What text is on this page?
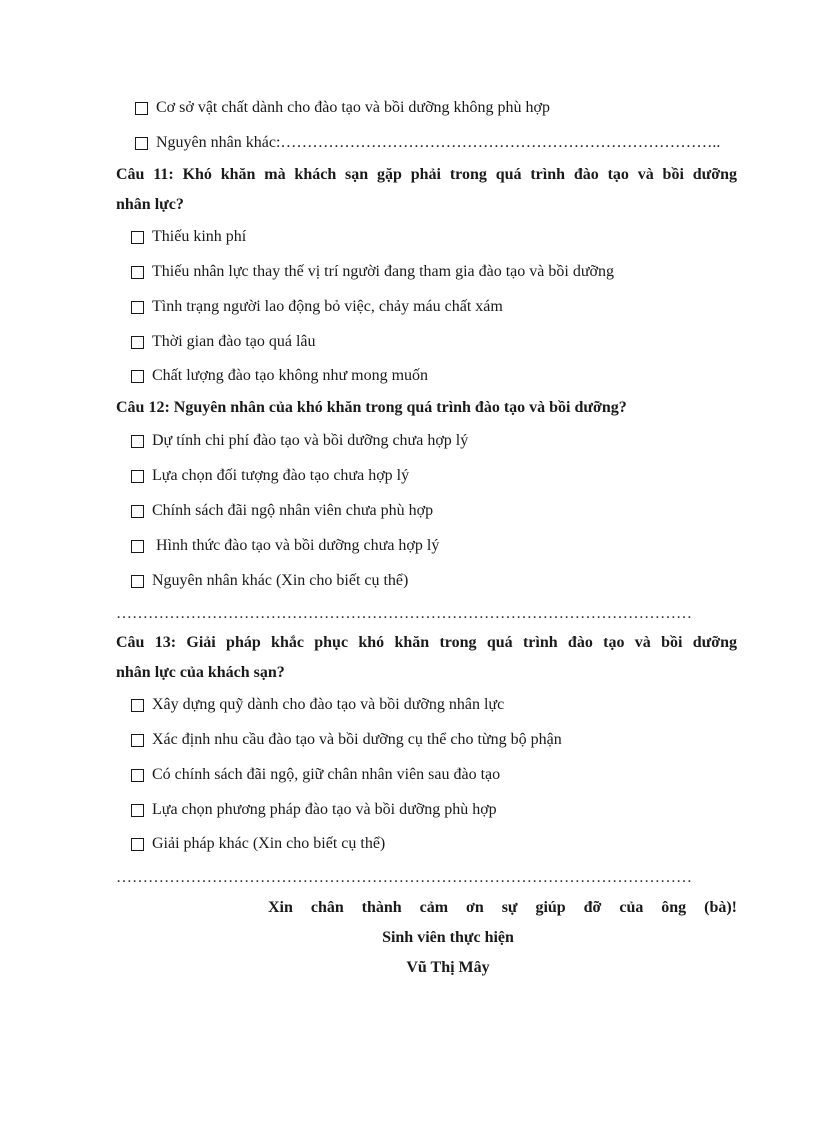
Cơ sở vật chất dành cho đào tạo và bồi dưỡng không phù hợp
Nguyên nhân khác:………………………………………………………………………..
Câu 11: Khó khăn mà khách sạn gặp phải trong quá trình đào tạo và bồi dưỡng
nhân lực?
Thiếu kinh phí
Thiếu nhân lực thay thế vị trí người đang tham gia đào tạo và bồi dưỡng
Tình trạng người lao động bỏ việc, chảy máu chất xám
Thời gian đào tạo quá lâu
Chất lượng đào tạo không như mong muốn
Câu 12: Nguyên nhân của khó khăn trong quá trình đào tạo và bồi dưỡng?
Dự tính chi phí đào tạo và bồi dưỡng chưa hợp lý
Lựa chọn đối tượng đào tạo chưa hợp lý
Chính sách đãi ngộ nhân viên chưa phù hợp
Hình thức đào tạo và bồi dưỡng chưa hợp lý
Nguyên nhân khác (Xin cho biết cụ thể)
………………………………………………………………………………………………
Câu 13: Giải pháp khắc phục khó khăn trong quá trình đào tạo và bồi dưỡng
nhân lực của khách sạn?
Xây dựng quỹ dành cho đào tạo và bồi dưỡng nhân lực
Xác định nhu cầu đào tạo và bồi dưỡng cụ thể cho từng bộ phận
Có chính sách đãi ngộ, giữ chân nhân viên sau đào tạo
Lựa chọn phương pháp đào tạo và bồi dưỡng phù hợp
Giải pháp khác (Xin cho biết cụ thể)
………………………………………………………………………………………………
Xin chân thành cảm ơn sự giúp đỡ của ông (bà)!
Sinh viên thực hiện
Vũ Thị Mây
